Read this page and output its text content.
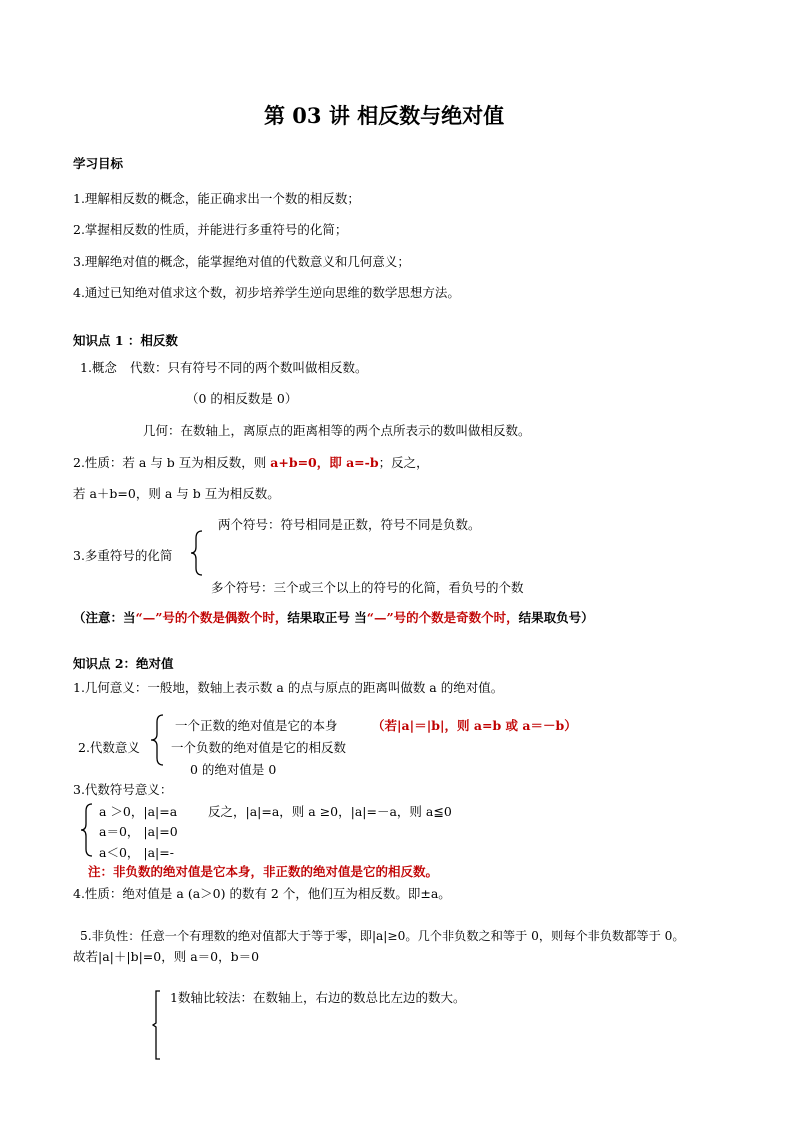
第 03 讲 相反数与绝对值
学习目标
1.理解相反数的概念，能正确求出一个数的相反数；
2.掌握相反数的性质，并能进行多重符号的化简；
3.理解绝对值的概念，能掌握绝对值的代数意义和几何意义；
4.通过已知绝对值求这个数，初步培养学生逆向思维的数学思想方法。
知识点 1 ：相反数
1.概念 代数：只有符号不同的两个数叫做相反数。
（0 的相反数是 0）
几何：在数轴上，离原点的距离相等的两个点所表示的数叫做相反数。
2.性质：若 a 与 b 互为相反数，则 a+b=0，即 a=-b；反之，
若 a＋b=0，则 a 与 b 互为相反数。
两个符号：符号相同是正数，符号不同是负数。
3.多重符号的化简
多个符号：三个或三个以上的符号的化简，看负号的个数
（注意：当“—”号的个数是偶数个时，结果取正号 当“—”号的个数是奇数个时，结果取负号）
知识点 2：绝对值
1.几何意义：一般地，数轴上表示数 a 的点与原点的距离叫做数 a 的绝对值。
一个正数的绝对值是它的本身	（若|a|＝|b|，则 a=b 或 a＝－b）
2.代数意义 一个负数的绝对值是它的相反数
0 的绝对值是 0
3.代数符号意义：
a ＞0，|a|=a 反之，|a|=a，则 a ≥0，|a|=－a，则 a≦0
a＝0， |a|=0
a＜0， |a|=-
注：非负数的绝对值是它本身，非正数的绝对值是它的相反数。
4.性质：绝对值是 a (a＞0) 的数有 2 个，他们互为相反数。即±a。
5.非负性：任意一个有理数的绝对值都大于等于零，即|a|≥0。几个非负数之和等于 0，则每个非负数都等于 0。
故若|a|＋|b|=0，则 a＝0，b＝0
1数轴比较法：在数轴上，右边的数总比左边的数大。
